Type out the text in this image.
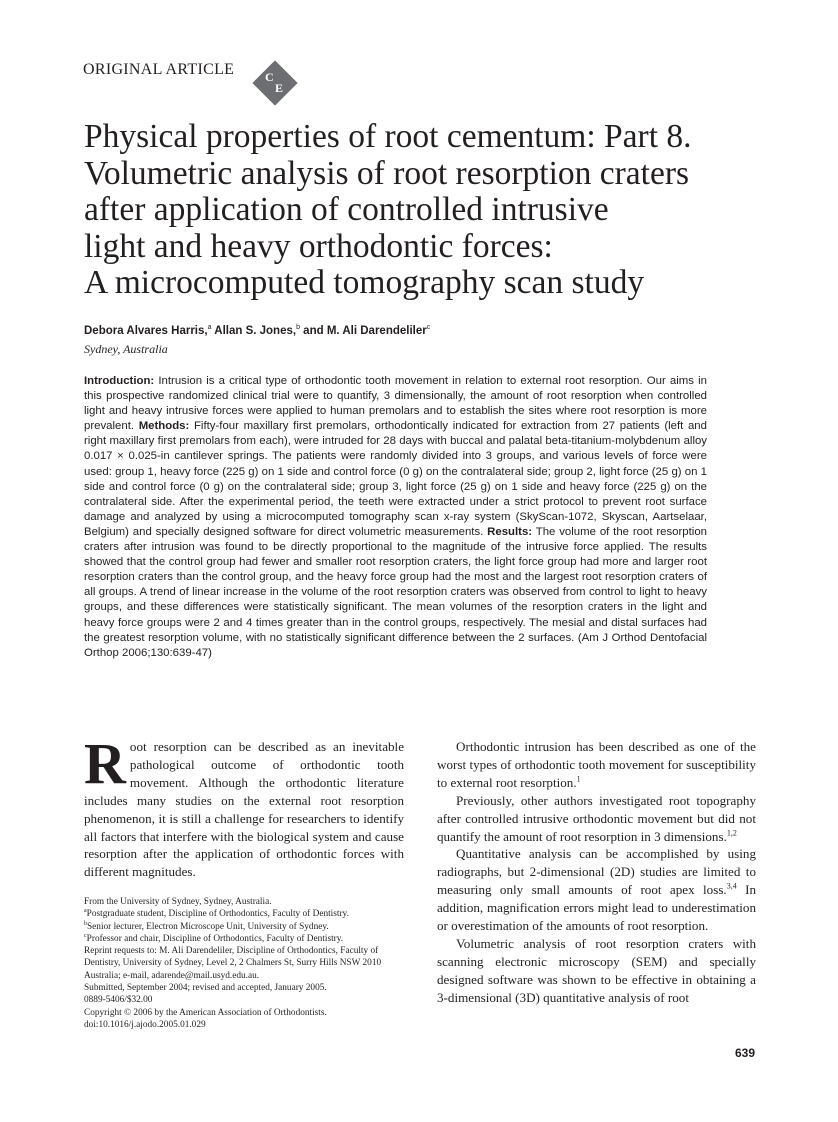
ORIGINAL ARTICLE	C
E
Physical properties of root cementum: Part 8.
Volumetric analysis of root resorption craters
after application of controlled intrusive
light and heavy orthodontic forces:
A microcomputed tomography scan study
Debora Alvares Harris,$^a$ Allan S. Jones,$^b$ and M. Ali Darendeliler$^c$
Sydney, Australia

Introduction: Intrusion is a critical type of orthodontic tooth movement in relation to external root resorption. Our aims in this prospective randomized clinical trial were to quantify, 3 dimensionally, the amount of root resorption when controlled light and heavy intrusive forces were applied to human premolars and to establish the sites where root resorption is more prevalent. Methods: Fifty-four maxillary first premolars, orthodontically indicated for extraction from 27 patients (left and right maxillary first premolars from each), were intruded for 28 days with buccal and palatal beta-titanium-molybdenum alloy 0.017 × 0.025-in cantilever springs. The patients were randomly divided into 3 groups, and various levels of force were used: group 1, heavy force (225 g) on 1 side and control force (0 g) on the contralateral side; group 2, light force (25 g) on 1 side and control force (0 g) on the contralateral side; group 3, light force (25 g) on 1 side and heavy force (225 g) on the contralateral side. After the experimental period, the teeth were extracted under a strict protocol to prevent root surface damage and analyzed by using a microcomputed tomography scan x-ray system (SkyScan-1072, Skyscan, Aartselaar, Belgium) and specially designed software for direct volumetric measurements. Results: The volume of the root resorption craters after intrusion was found to be directly proportional to the magnitude of the intrusive force applied. The results showed that the control group had fewer and smaller root resorption craters, the light force group had more and larger root resorption craters than the control group, and the heavy force group had the most and the largest root resorption craters of all groups. A trend of linear increase in the volume of the root resorption craters was observed from control to light to heavy groups, and these differences were statistically significant. The mean volumes of the resorption craters in the light and heavy force groups were 2 and 4 times greater than in the control groups, respectively. The mesial and distal surfaces had the greatest resorption volume, with no statistically significant difference between the 2 surfaces. (Am J Orthod Dentofacial Orthop 2006;130:639-47)

Root resorption can be described as an inevitable pathological outcome of orthodontic tooth movement. Although the orthodontic literature includes many studies on the external root resorption phenomenon, it is still a challenge for researchers to identify all factors that interfere with the biological system and cause resorption after the application of orthodontic forces with different magnitudes.

Orthodontic intrusion has been described as one of the worst types of orthodontic tooth movement for susceptibility to external root resorption.$^1$

Previously, other authors investigated root topography after controlled intrusive orthodontic movement but did not quantify the amount of root resorption in 3 dimensions.$^{1,2}$

Quantitative analysis can be accomplished by using radiographs, but 2-dimensional (2D) studies are limited to measuring only small amounts of root apex loss.$^{3,4}$ In addition, magnification errors might lead to underestimation or overestimation of the amounts of root resorption.

Volumetric analysis of root resorption craters with scanning electronic microscopy (SEM) and specially designed software was shown to be effective in obtaining a 3-dimensional (3D) quantitative analysis of root

From the University of Sydney, Sydney, Australia.
$^a$Postgraduate student, Discipline of Orthodontics, Faculty of Dentistry.
$^b$Senior lecturer, Electron Microscope Unit, University of Sydney.
$^c$Professor and chair, Discipline of Orthodontics, Faculty of Dentistry.
Reprint requests to: M. Ali Darendeliler, Discipline of Orthodontics, Faculty of Dentistry, University of Sydney, Level 2, 2 Chalmers St, Surry Hills NSW 2010 Australia; e-mail, adarende@mail.usyd.edu.au.
Submitted, September 2004; revised and accepted, January 2005.
0889-5406/$32.00
Copyright © 2006 by the American Association of Orthodontists.
doi:10.1016/j.ajodo.2005.01.029
639
